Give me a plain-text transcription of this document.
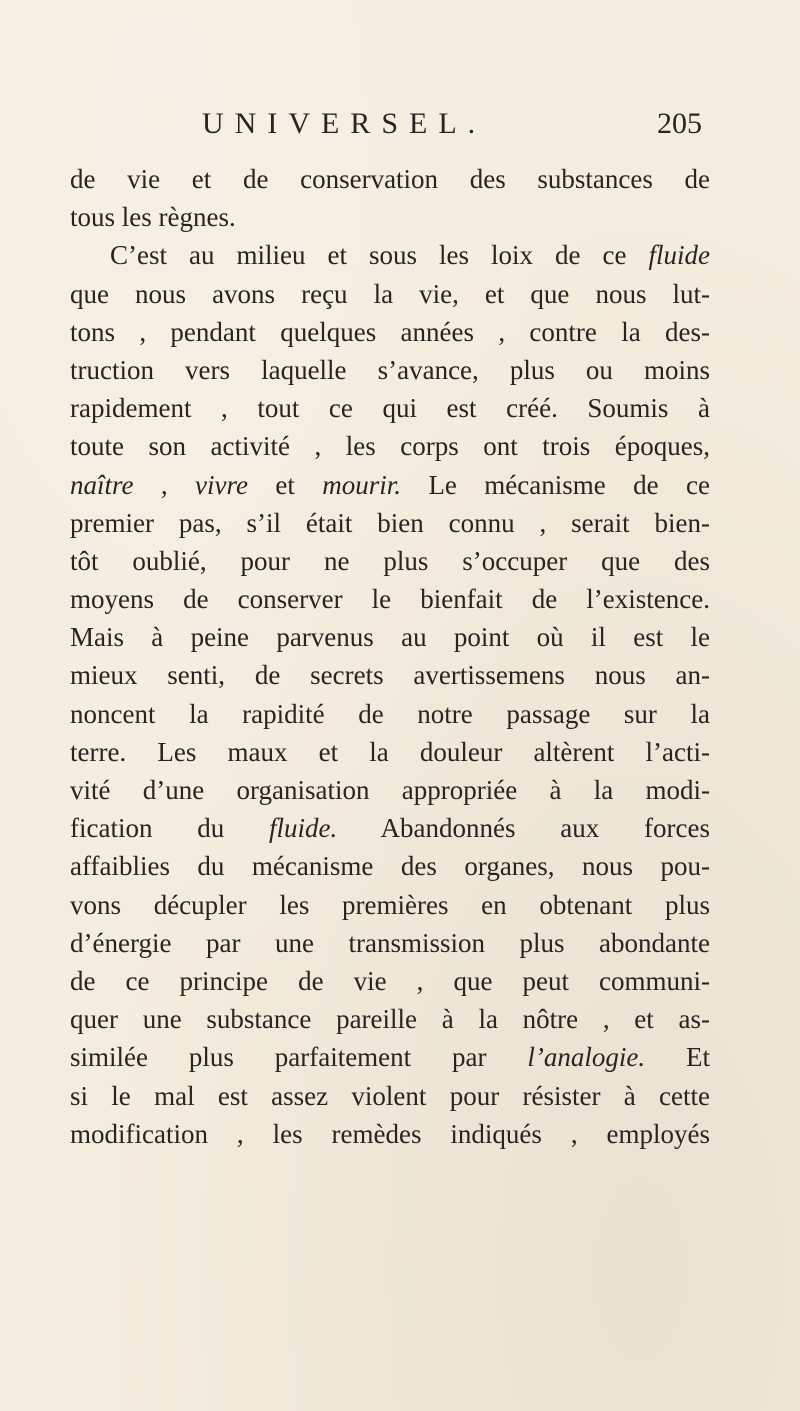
UNIVERSEL.	205
de vie et de conservation des substances de
tous les règnes.
C’est au milieu et sous les loix de ce fluide
que nous avons reçu la vie, et que nous lut-
tons , pendant quelques années , contre la des-
truction vers laquelle s’avance, plus ou moins
rapidement , tout ce qui est créé. Soumis à
toute son activité , les corps ont trois époques,
naître , vivre et mourir. Le mécanisme de ce
premier pas, s’il était bien connu , serait bien-
tôt oublié, pour ne plus s’occuper que des
moyens de conserver le bienfait de l’existence.
Mais à peine parvenus au point où il est le
mieux senti, de secrets avertissemens nous an-
noncent la rapidité de notre passage sur la
terre. Les maux et la douleur altèrent l’acti-
vité d’une organisation appropriée à la modi-
fication du fluide. Abandonnés aux forces
affaiblies du mécanisme des organes, nous pou-
vons décupler les premières en obtenant plus
d’énergie par une transmission plus abondante
de ce principe de vie , que peut communi-
quer une substance pareille à la nôtre , et as-
similée plus parfaitement par l’analogie. Et
si le mal est assez violent pour résister à cette
modification , les remèdes indiqués , employés
